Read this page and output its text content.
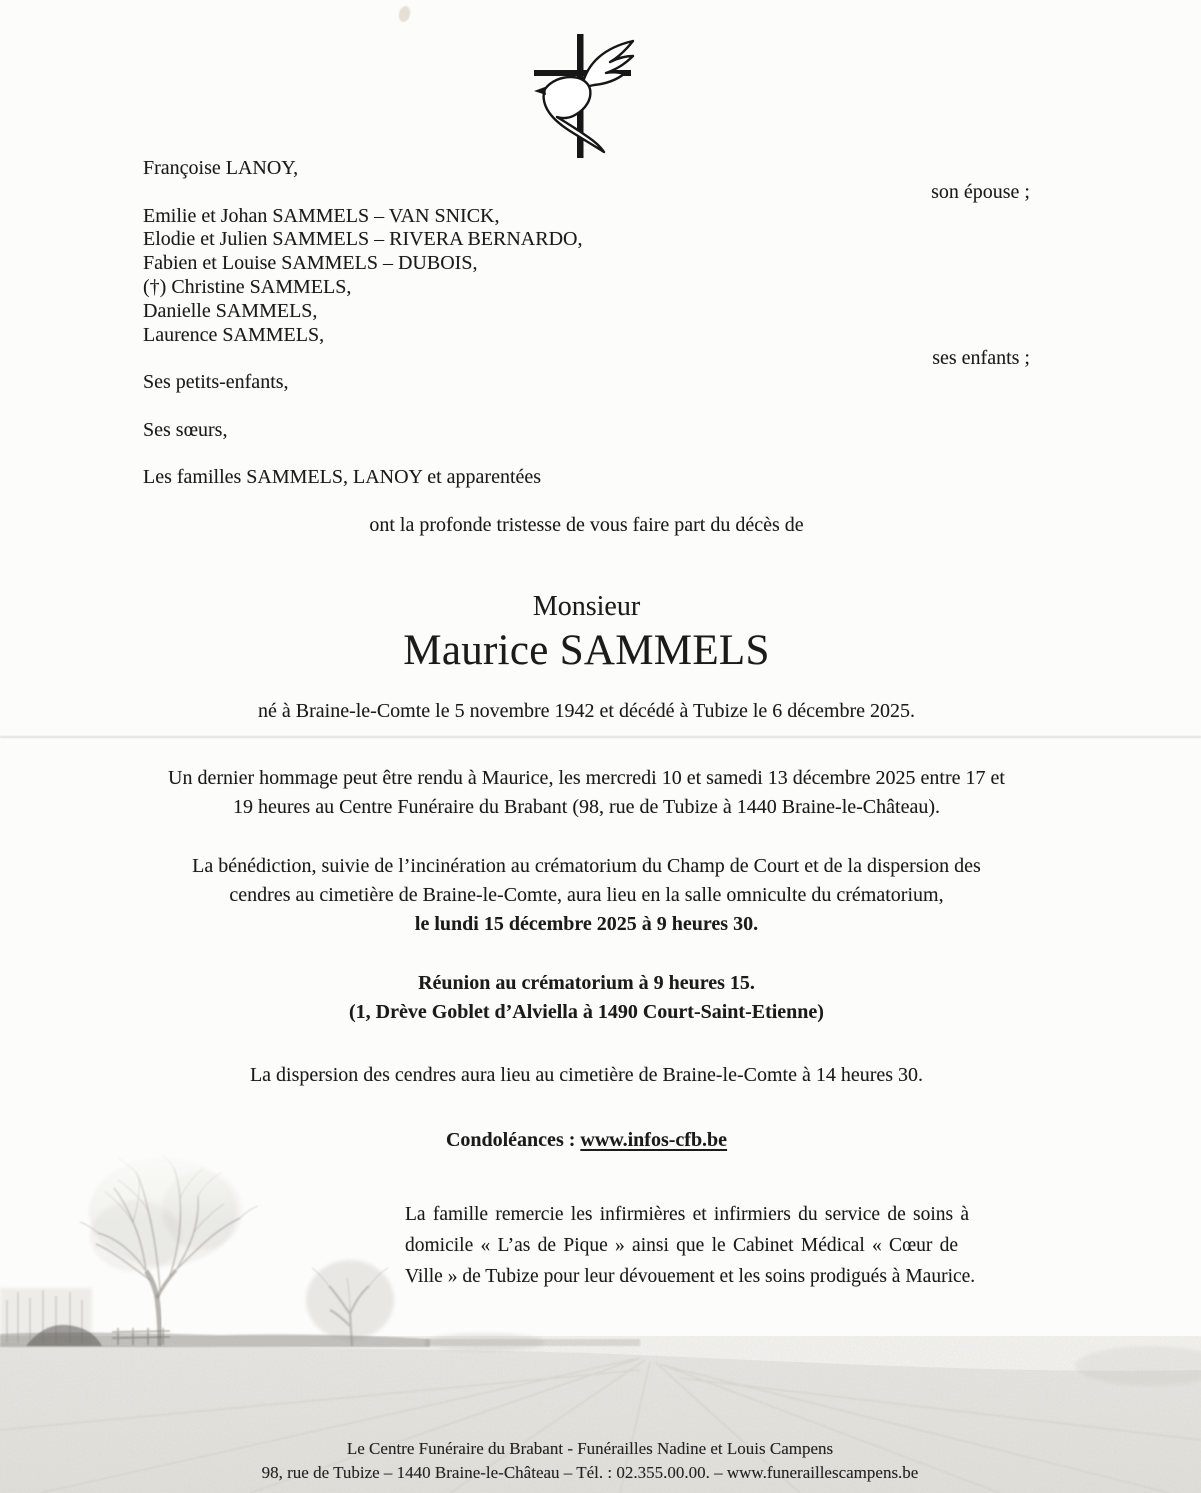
Françoise LANOY,
son épouse ;
Emilie et Johan SAMMELS – VAN SNICK,
Elodie et Julien SAMMELS – RIVERA BERNARDO,
Fabien et Louise SAMMELS – DUBOIS,
(†) Christine SAMMELS,
Danielle SAMMELS,
Laurence SAMMELS,
ses enfants ;
Ses petits-enfants,
Ses sœurs,
Les familles SAMMELS, LANOY et apparentées
ont la profonde tristesse de vous faire part du décès de
Monsieur
Maurice SAMMELS
né à Braine-le-Comte le 5 novembre 1942 et décédé à Tubize le 6 décembre 2025.
Un dernier hommage peut être rendu à Maurice, les mercredi 10 et samedi 13 décembre 2025 entre 17 et
19 heures au Centre Funéraire du Brabant (98, rue de Tubize à 1440 Braine-le-Château).
La bénédiction, suivie de l’incinération au crématorium du Champ de Court et de la dispersion des
cendres au cimetière de Braine-le-Comte, aura lieu en la salle omniculte du crématorium,
le lundi 15 décembre 2025 à 9 heures 30.
Réunion au crématorium à 9 heures 15.
(1, Drève Goblet d’Alviella à 1490 Court-Saint-Etienne)
La dispersion des cendres aura lieu au cimetière de Braine-le-Comte à 14 heures 30.
Condoléances : www.infos-cfb.be
La famille remercie les infirmières et infirmiers du service de soins à
domicile « L’as de Pique » ainsi que le Cabinet Médical « Cœur de
Ville » de Tubize pour leur dévouement et les soins prodigués à Maurice.
Le Centre Funéraire du Brabant - Funérailles Nadine et Louis Campens
98, rue de Tubize – 1440 Braine-le-Château – Tél. : 02.355.00.00. – www.funeraillescampens.be
